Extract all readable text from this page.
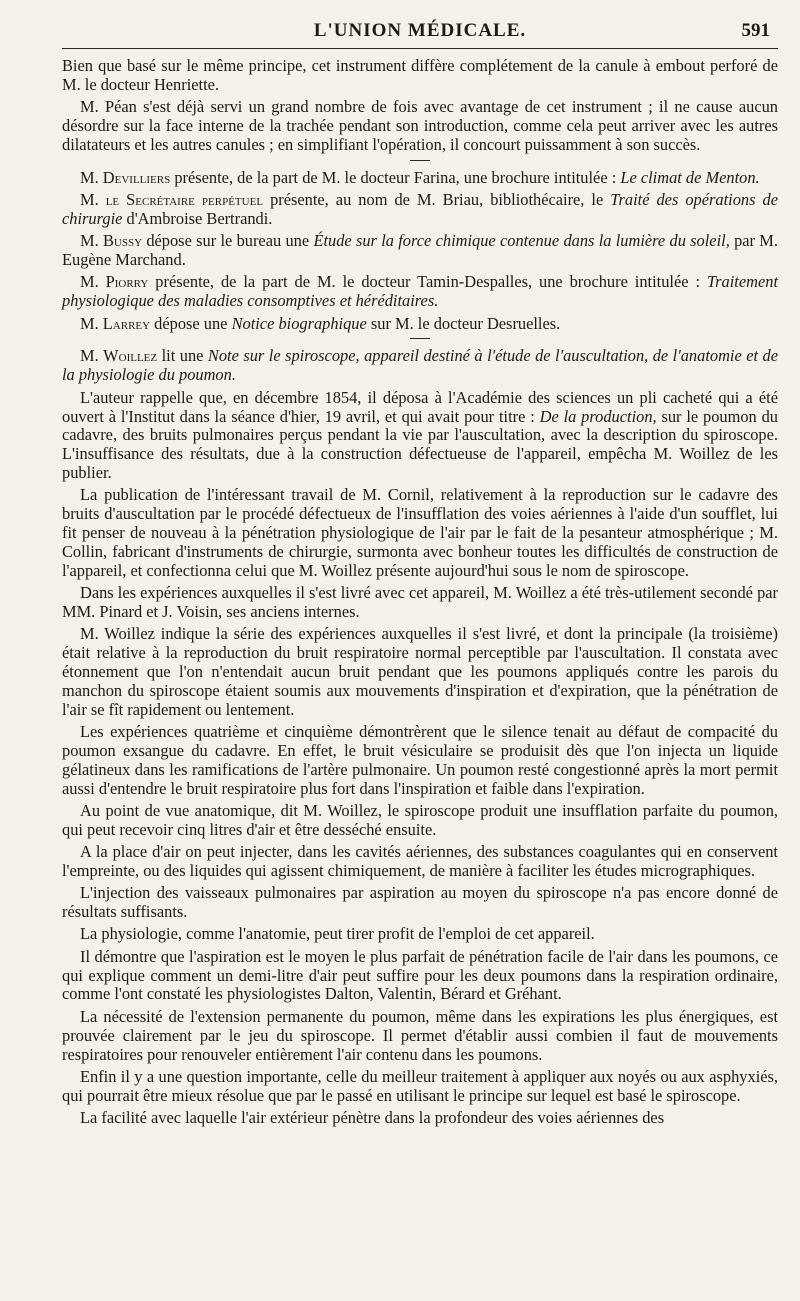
L'UNION MÉDICALE.	591

Bien que basé sur le même principe, cet instrument diffère complétement de la canule à embout perforé de M. le docteur Henriette.

M. Péan s'est déjà servi un grand nombre de fois avec avantage de cet instrument ; il ne cause aucun désordre sur la face interne de la trachée pendant son introduction, comme cela peut arriver avec les autres dilatateurs et les autres canules ; en simplifiant l'opération, il concourt puissamment à son succès.

M. Devilliers présente, de la part de M. le docteur Farina, une brochure intitulée : Le climat de Menton.

M. le Secrétaire perpétuel présente, au nom de M. Briau, bibliothécaire, le Traité des opérations de chirurgie d'Ambroise Bertrandi.

M. Bussy dépose sur le bureau une Étude sur la force chimique contenue dans la lumière du soleil, par M. Eugène Marchand.

M. Piorry présente, de la part de M. le docteur Tamin-Despalles, une brochure intitulée : Traitement physiologique des maladies consomptives et héréditaires.

M. Larrey dépose une Notice biographique sur M. le docteur Desruelles.

M. Woillez lit une Note sur le spiroscope, appareil destiné à l'étude de l'auscultation, de l'anatomie et de la physiologie du poumon.

L'auteur rappelle que, en décembre 1854, il déposa à l'Académie des sciences un pli cacheté qui a été ouvert à l'Institut dans la séance d'hier, 19 avril, et qui avait pour titre : De la production, sur le poumon du cadavre, des bruits pulmonaires perçus pendant la vie par l'auscultation, avec la description du spiroscope. L'insuffisance des résultats, due à la construction défectueuse de l'appareil, empêcha M. Woillez de les publier.

La publication de l'intéressant travail de M. Cornil, relativement à la reproduction sur le cadavre des bruits d'auscultation par le procédé défectueux de l'insufflation des voies aériennes à l'aide d'un soufflet, lui fit penser de nouveau à la pénétration physiologique de l'air par le fait de la pesanteur atmosphérique ; M. Collin, fabricant d'instruments de chirurgie, surmonta avec bonheur toutes les difficultés de construction de l'appareil, et confectionna celui que M. Woillez présente aujourd'hui sous le nom de spiroscope.

Dans les expériences auxquelles il s'est livré avec cet appareil, M. Woillez a été très-utilement secondé par MM. Pinard et J. Voisin, ses anciens internes.

M. Woillez indique la série des expériences auxquelles il s'est livré, et dont la principale (la troisième) était relative à la reproduction du bruit respiratoire normal perceptible par l'auscultation. Il constata avec étonnement que l'on n'entendait aucun bruit pendant que les poumons appliqués contre les parois du manchon du spiroscope étaient soumis aux mouvements d'inspiration et d'expiration, que la pénétration de l'air se fît rapidement ou lentement.

Les expériences quatrième et cinquième démontrèrent que le silence tenait au défaut de compacité du poumon exsangue du cadavre. En effet, le bruit vésiculaire se produisit dès que l'on injecta un liquide gélatineux dans les ramifications de l'artère pulmonaire. Un poumon resté congestionné après la mort permit aussi d'entendre le bruit respiratoire plus fort dans l'inspiration et faible dans l'expiration.

Au point de vue anatomique, dit M. Woillez, le spiroscope produit une insufflation parfaite du poumon, qui peut recevoir cinq litres d'air et être desséché ensuite.

A la place d'air on peut injecter, dans les cavités aériennes, des substances coagulantes qui en conservent l'empreinte, ou des liquides qui agissent chimiquement, de manière à faciliter les études micrographiques.

L'injection des vaisseaux pulmonaires par aspiration au moyen du spiroscope n'a pas encore donné de résultats suffisants.

La physiologie, comme l'anatomie, peut tirer profit de l'emploi de cet appareil.

Il démontre que l'aspiration est le moyen le plus parfait de pénétration facile de l'air dans les poumons, ce qui explique comment un demi-litre d'air peut suffire pour les deux poumons dans la respiration ordinaire, comme l'ont constaté les physiologistes Dalton, Valentin, Bérard et Gréhant.

La nécessité de l'extension permanente du poumon, même dans les expirations les plus énergiques, est prouvée clairement par le jeu du spiroscope. Il permet d'établir aussi combien il faut de mouvements respiratoires pour renouveler entièrement l'air contenu dans les poumons.

Enfin il y a une question importante, celle du meilleur traitement à appliquer aux noyés ou aux asphyxiés, qui pourrait être mieux résolue que par le passé en utilisant le principe sur lequel est basé le spiroscope.

La facilité avec laquelle l'air extérieur pénètre dans la profondeur des voies aériennes des
